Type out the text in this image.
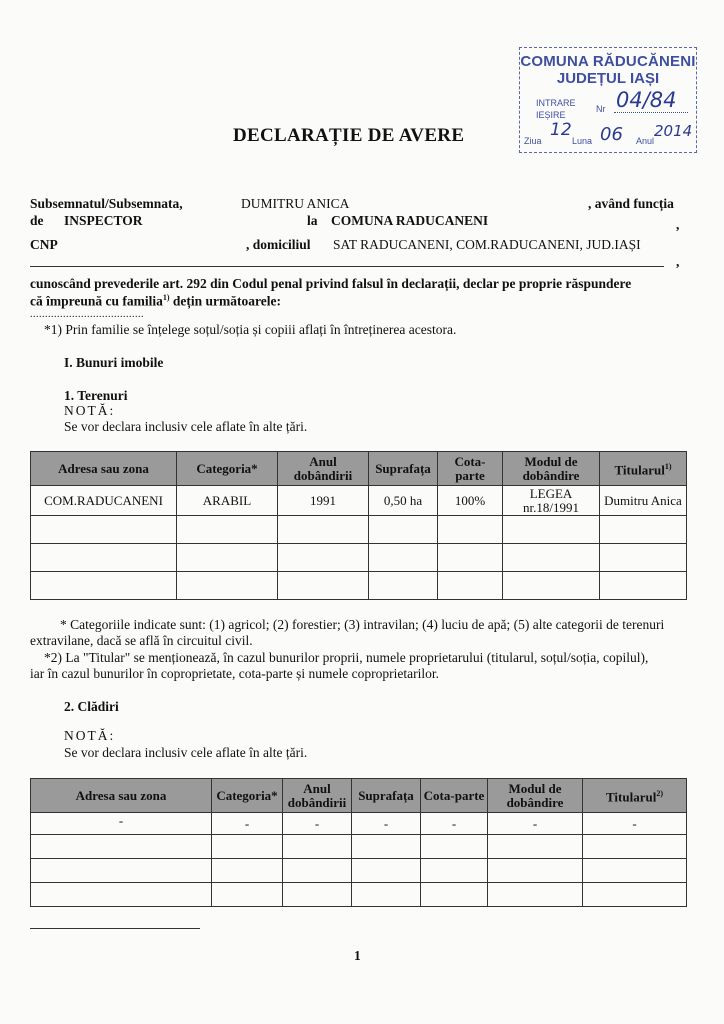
COMUNA RĂDUCĂNENI
JUDEȚUL IAȘI
INTRARE
IEȘIRE
Nr 04/84
Ziua
12
Luna 06 Anul
2014
DECLARAȚIE DE AVERE
Subsemnatul/Subsemnata,	DUMITRU ANICA	, având funcția
de INSPECTOR	la COMUNA RADUCANENI	,
CNP	, domiciliul SAT RADUCANENI, COM.RADUCANENI, JUD.IAȘI
,
cunoscând prevederile art. 292 din Codul penal privind falsul în declarații, declar pe proprie răspundere
că împreună cu familia$^{1)}$ dețin următoarele:
......................................
*1) Prin familie se înțelege soțul/soția și copiii aflați în întreținerea acestora.
I. Bunuri imobile
1. Terenuri
NOTĂ:
Se vor declara inclusiv cele aflate în alte țări.
Adresa sau zona	Categoria*	Anul dobândirii	Suprafața	Cota-parte	Modul de dobândire	Titularul$^{1)}$
COM.RADUCANENI	ARABIL	1991	0,50 ha	100%	LEGEA nr.18/1991	Dumitru Anica

* Categoriile indicate sunt: (1) agricol; (2) forestier; (3) intravilan; (4) luciu de apă; (5) alte categorii de terenuri
extravilane, dacă se află în circuitul civil.
*2) La "Titular" se menționează, în cazul bunurilor proprii, numele proprietarului (titularul, soțul/soția, copilul),
iar în cazul bunurilor în coproprietate, cota-parte și numele coproprietarilor.
2. Clădiri
NOTĂ:
Se vor declara inclusiv cele aflate în alte țări.
Adresa sau zona	Categoria*	Anul dobândirii	Suprafața	Cota-parte	Modul de dobândire	Titularul$^{2)}$
-	-	-	-	-	-	-

1
